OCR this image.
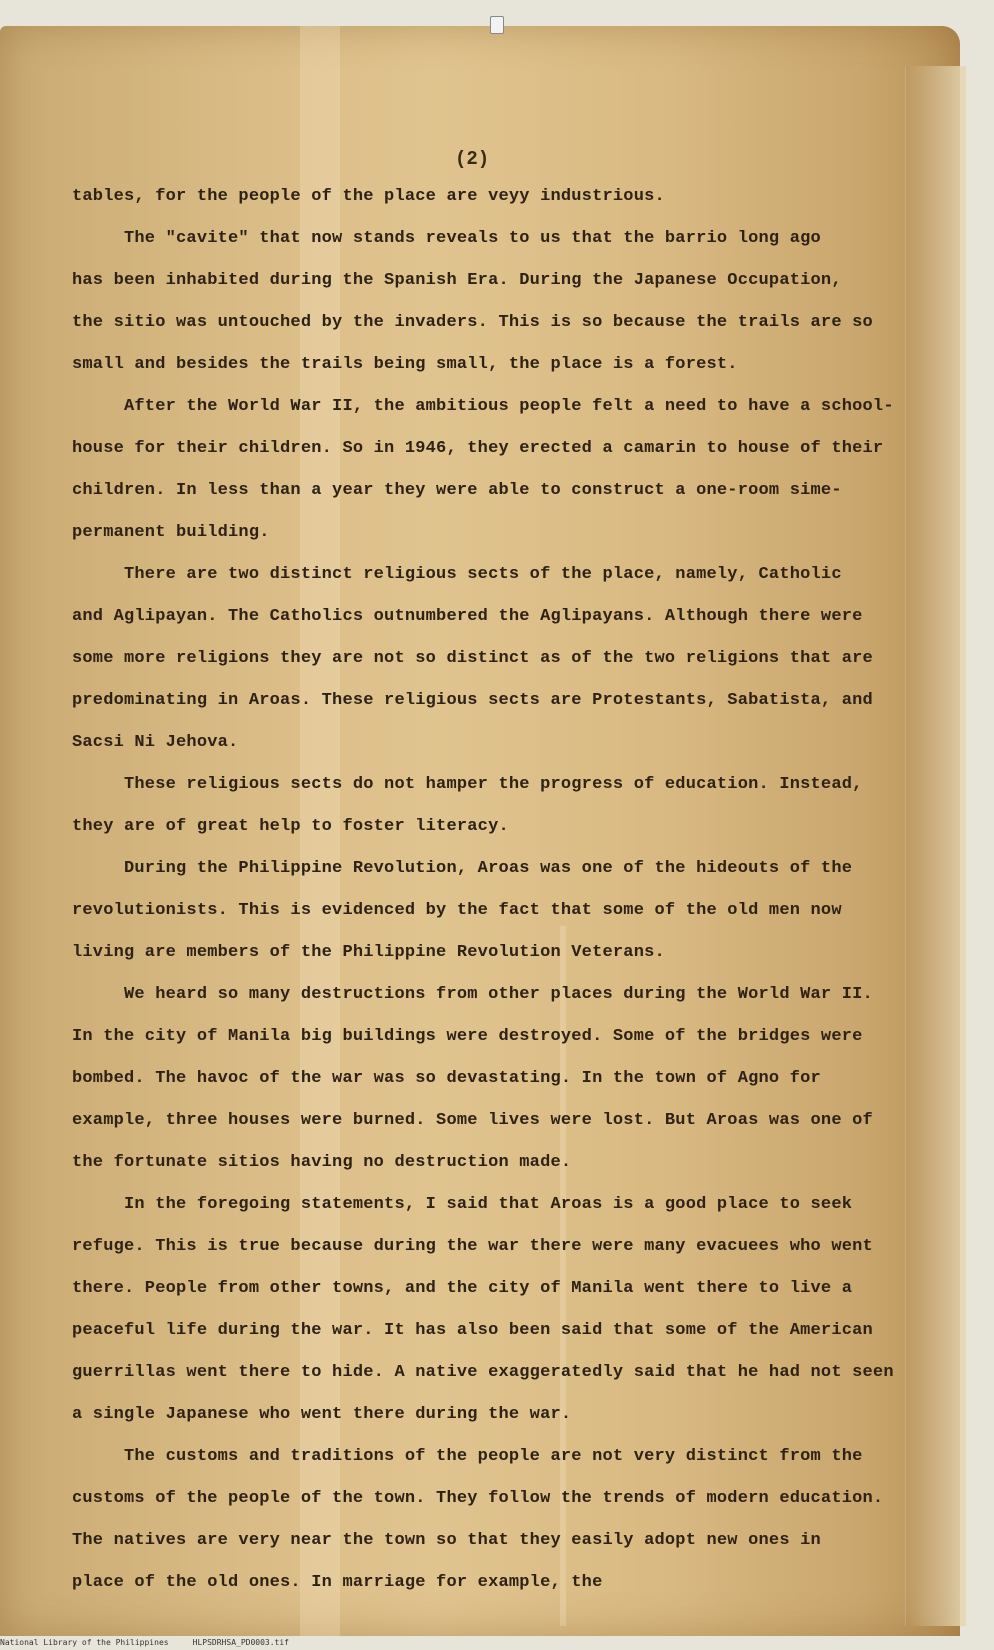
(2)
tables, for the people of the place are veyy industrious.
The "cavite" that now stands reveals to us that the barrio long ago
has been inhabited during the Spanish Era. During the Japanese Occupation,
the sitio was untouched by the invaders. This is so because the trails are so
small and besides the trails being small, the place is a forest.
After the World War II, the ambitious people felt a need to have a school-
house for their children. So in 1946, they erected a camarin to house of their
children. In less than a year they were able to construct a one-room sime-
permanent building.
There are two distinct religious sects of the place, namely, Catholic
and Aglipayan. The Catholics outnumbered the Aglipayans. Although there were
some more religions they are not so distinct as of the two religions that are
predominating in Aroas. These religious sects are Protestants, Sabatista, and
Sacsi Ni Jehova.
These religious sects do not hamper the progress of education. Instead,
they are of great help to foster literacy.
During the Philippine Revolution, Aroas was one of the hideouts of the
revolutionists. This is evidenced by the fact that some of the old men now
living are members of the Philippine Revolution Veterans.
We heard so many destructions from other places during the World War II.
In the city of Manila big buildings were destroyed. Some of the bridges were
bombed. The havoc of the war was so devastating. In the town of Agno for
example, three houses were burned. Some lives were lost. But Aroas was one of
the fortunate sitios having no destruction made.
In the foregoing statements, I said that Aroas is a good place to seek
refuge. This is true because during the war there were many evacuees who went
there. People from other towns, and the city of Manila went there to live a
peaceful life during the war. It has also been said that some of the American
guerrillas went there to hide. A native exaggeratedly said that he had not seen
a single Japanese who went there during the war.
The customs and traditions of the people are not very distinct from the
customs of the people of the town. They follow the trends of modern education.
The natives are very near the town so that they easily adopt new ones in
place of the old ones. In marriage for example, the
National Library of the Philippines     HLPSDRHSA_PD0003.tif
